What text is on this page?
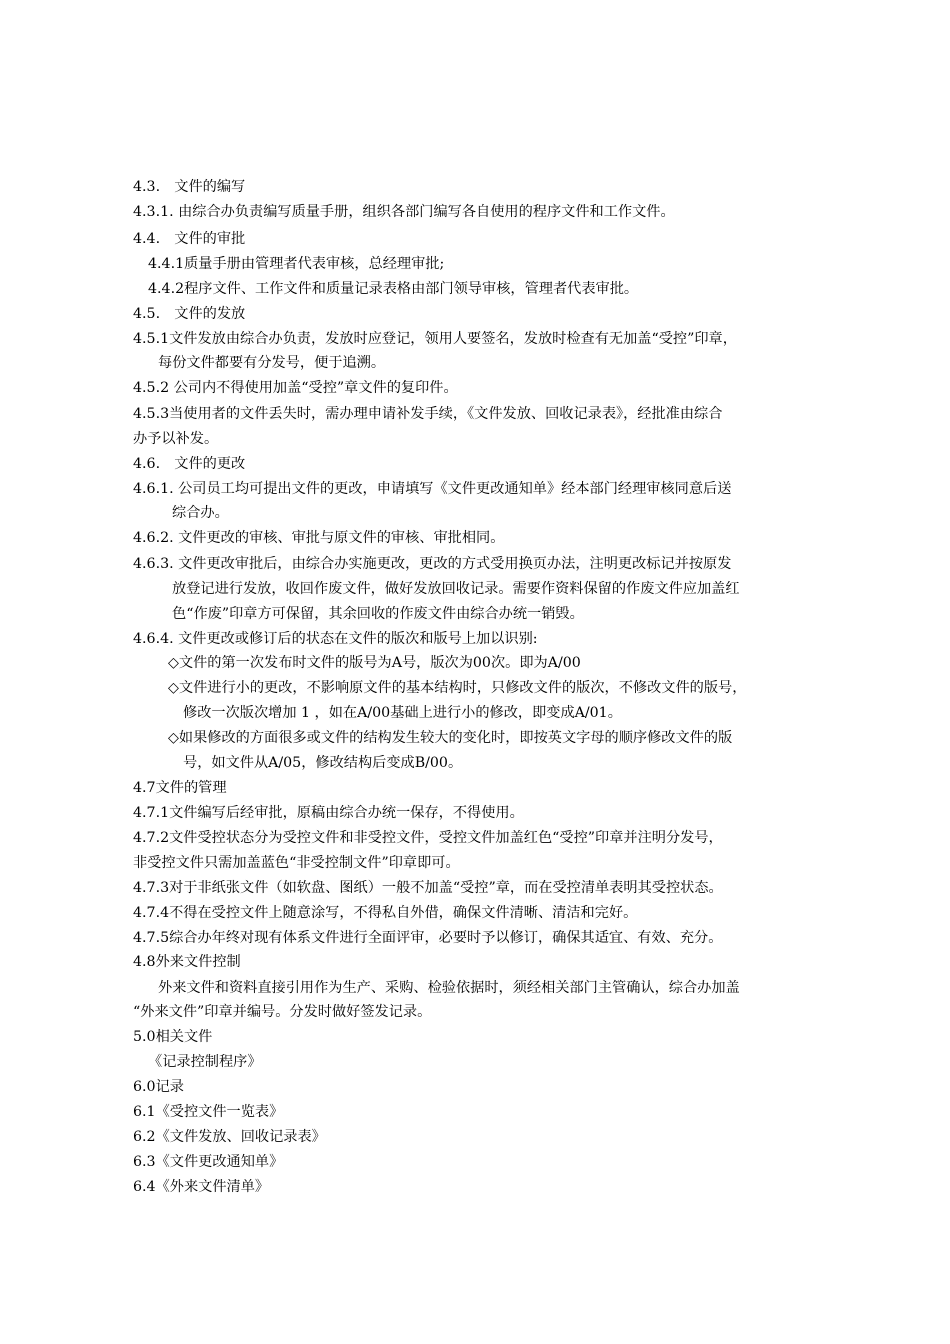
4.3.　文件的编写
4.3.1. 由综合办负责编写质量手册，组织各部门编写各自使用的程序文件和工作文件。
4.4.　文件的审批
4.4.1质量手册由管理者代表审核，总经理审批;
4.4.2程序文件、工作文件和质量记录表格由部门领导审核，管理者代表审批。
4.5.　文件的发放
4.5.1文件发放由综合办负责，发放时应登记，领用人要签名，发放时检查有无加盖“受控”印章，
每份文件都要有分发号，便于追溯。
4.5.2 公司内不得使用加盖“受控”章文件的复印件。
4.5.3当使用者的文件丢失时，需办理申请补发手续，《文件发放、回收记录表》，经批准由综合
办予以补发。
4.6.　文件的更改
4.6.1. 公司员工均可提出文件的更改，申请填写《文件更改通知单》经本部门经理审核同意后送
综合办。
4.6.2. 文件更改的审核、审批与原文件的审核、审批相同。
4.6.3. 文件更改审批后，由综合办实施更改，更改的方式受用换页办法，注明更改标记并按原发
放登记进行发放，收回作废文件，做好发放回收记录。需要作资料保留的作废文件应加盖红
色“作废”印章方可保留，其余回收的作废文件由综合办统一销毁。
4.6.4. 文件更改或修订后的状态在文件的版次和版号上加以识别:
◇文件的第一次发布时文件的版号为A号，版次为00次。即为A/00
◇文件进行小的更改，不影响原文件的基本结构时，只修改文件的版次，不修改文件的版号，
修改一次版次增加 1 ，如在A/00基础上进行小的修改，即变成A/01。
◇如果修改的方面很多或文件的结构发生较大的变化时，即按英文字母的顺序修改文件的版
号，如文件从A/05，修改结构后变成B/00。
4.7文件的管理
4.7.1文件编写后经审批，原稿由综合办统一保存，不得使用。
4.7.2文件受控状态分为受控文件和非受控文件，受控文件加盖红色“受控”印章并注明分发号，
非受控文件只需加盖蓝色“非受控制文件”印章即可。
4.7.3对于非纸张文件（如软盘、图纸）一般不加盖“受控”章，而在受控清单表明其受控状态。
4.7.4不得在受控文件上随意涂写，不得私自外借，确保文件清晰、清洁和完好。
4.7.5综合办年终对现有体系文件进行全面评审，必要时予以修订，确保其适宜、有效、充分。
4.8外来文件控制
外来文件和资料直接引用作为生产、采购、检验依据时，须经相关部门主管确认，综合办加盖
“外来文件”印章并编号。分发时做好签发记录。
5.0相关文件
《记录控制程序》
6.0记录
6.1《受控文件一览表》
6.2《文件发放、回收记录表》
6.3《文件更改通知单》
6.4《外来文件清单》
